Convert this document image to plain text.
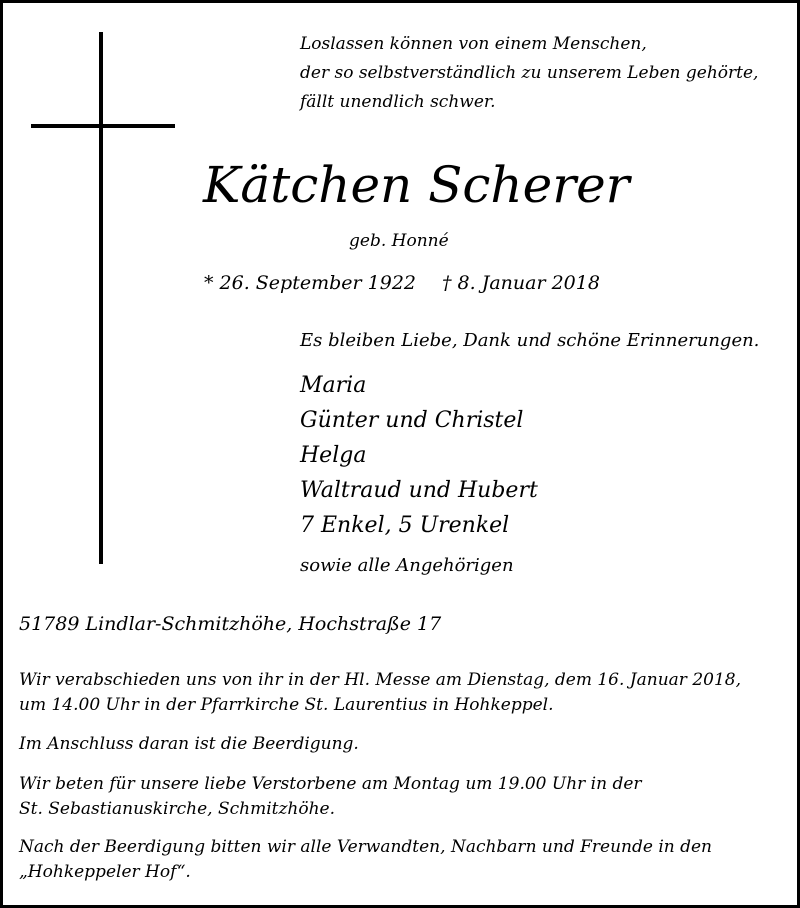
Loslassen können von einem Menschen,
der so selbstverständlich zu unserem Leben gehörte,
fällt unendlich schwer.
Kätchen Scherer
geb. Honné
* 26. September 1922 † 8. Januar 2018
Es bleiben Liebe, Dank und schöne Erinnerungen.
Maria
Günter und Christel
Helga
Waltraud und Hubert
7 Enkel, 5 Urenkel
sowie alle Angehörigen
51789 Lindlar-Schmitzhöhe, Hochstraße 17
Wir verabschieden uns von ihr in der Hl. Messe am Dienstag, dem 16. Januar 2018,
um 14.00 Uhr in der Pfarrkirche St. Laurentius in Hohkeppel.
Im Anschluss daran ist die Beerdigung.
Wir beten für unsere liebe Verstorbene am Montag um 19.00 Uhr in der
St. Sebastianuskirche, Schmitzhöhe.
Nach der Beerdigung bitten wir alle Verwandten, Nachbarn und Freunde in den
„Hohkeppeler Hof“.
